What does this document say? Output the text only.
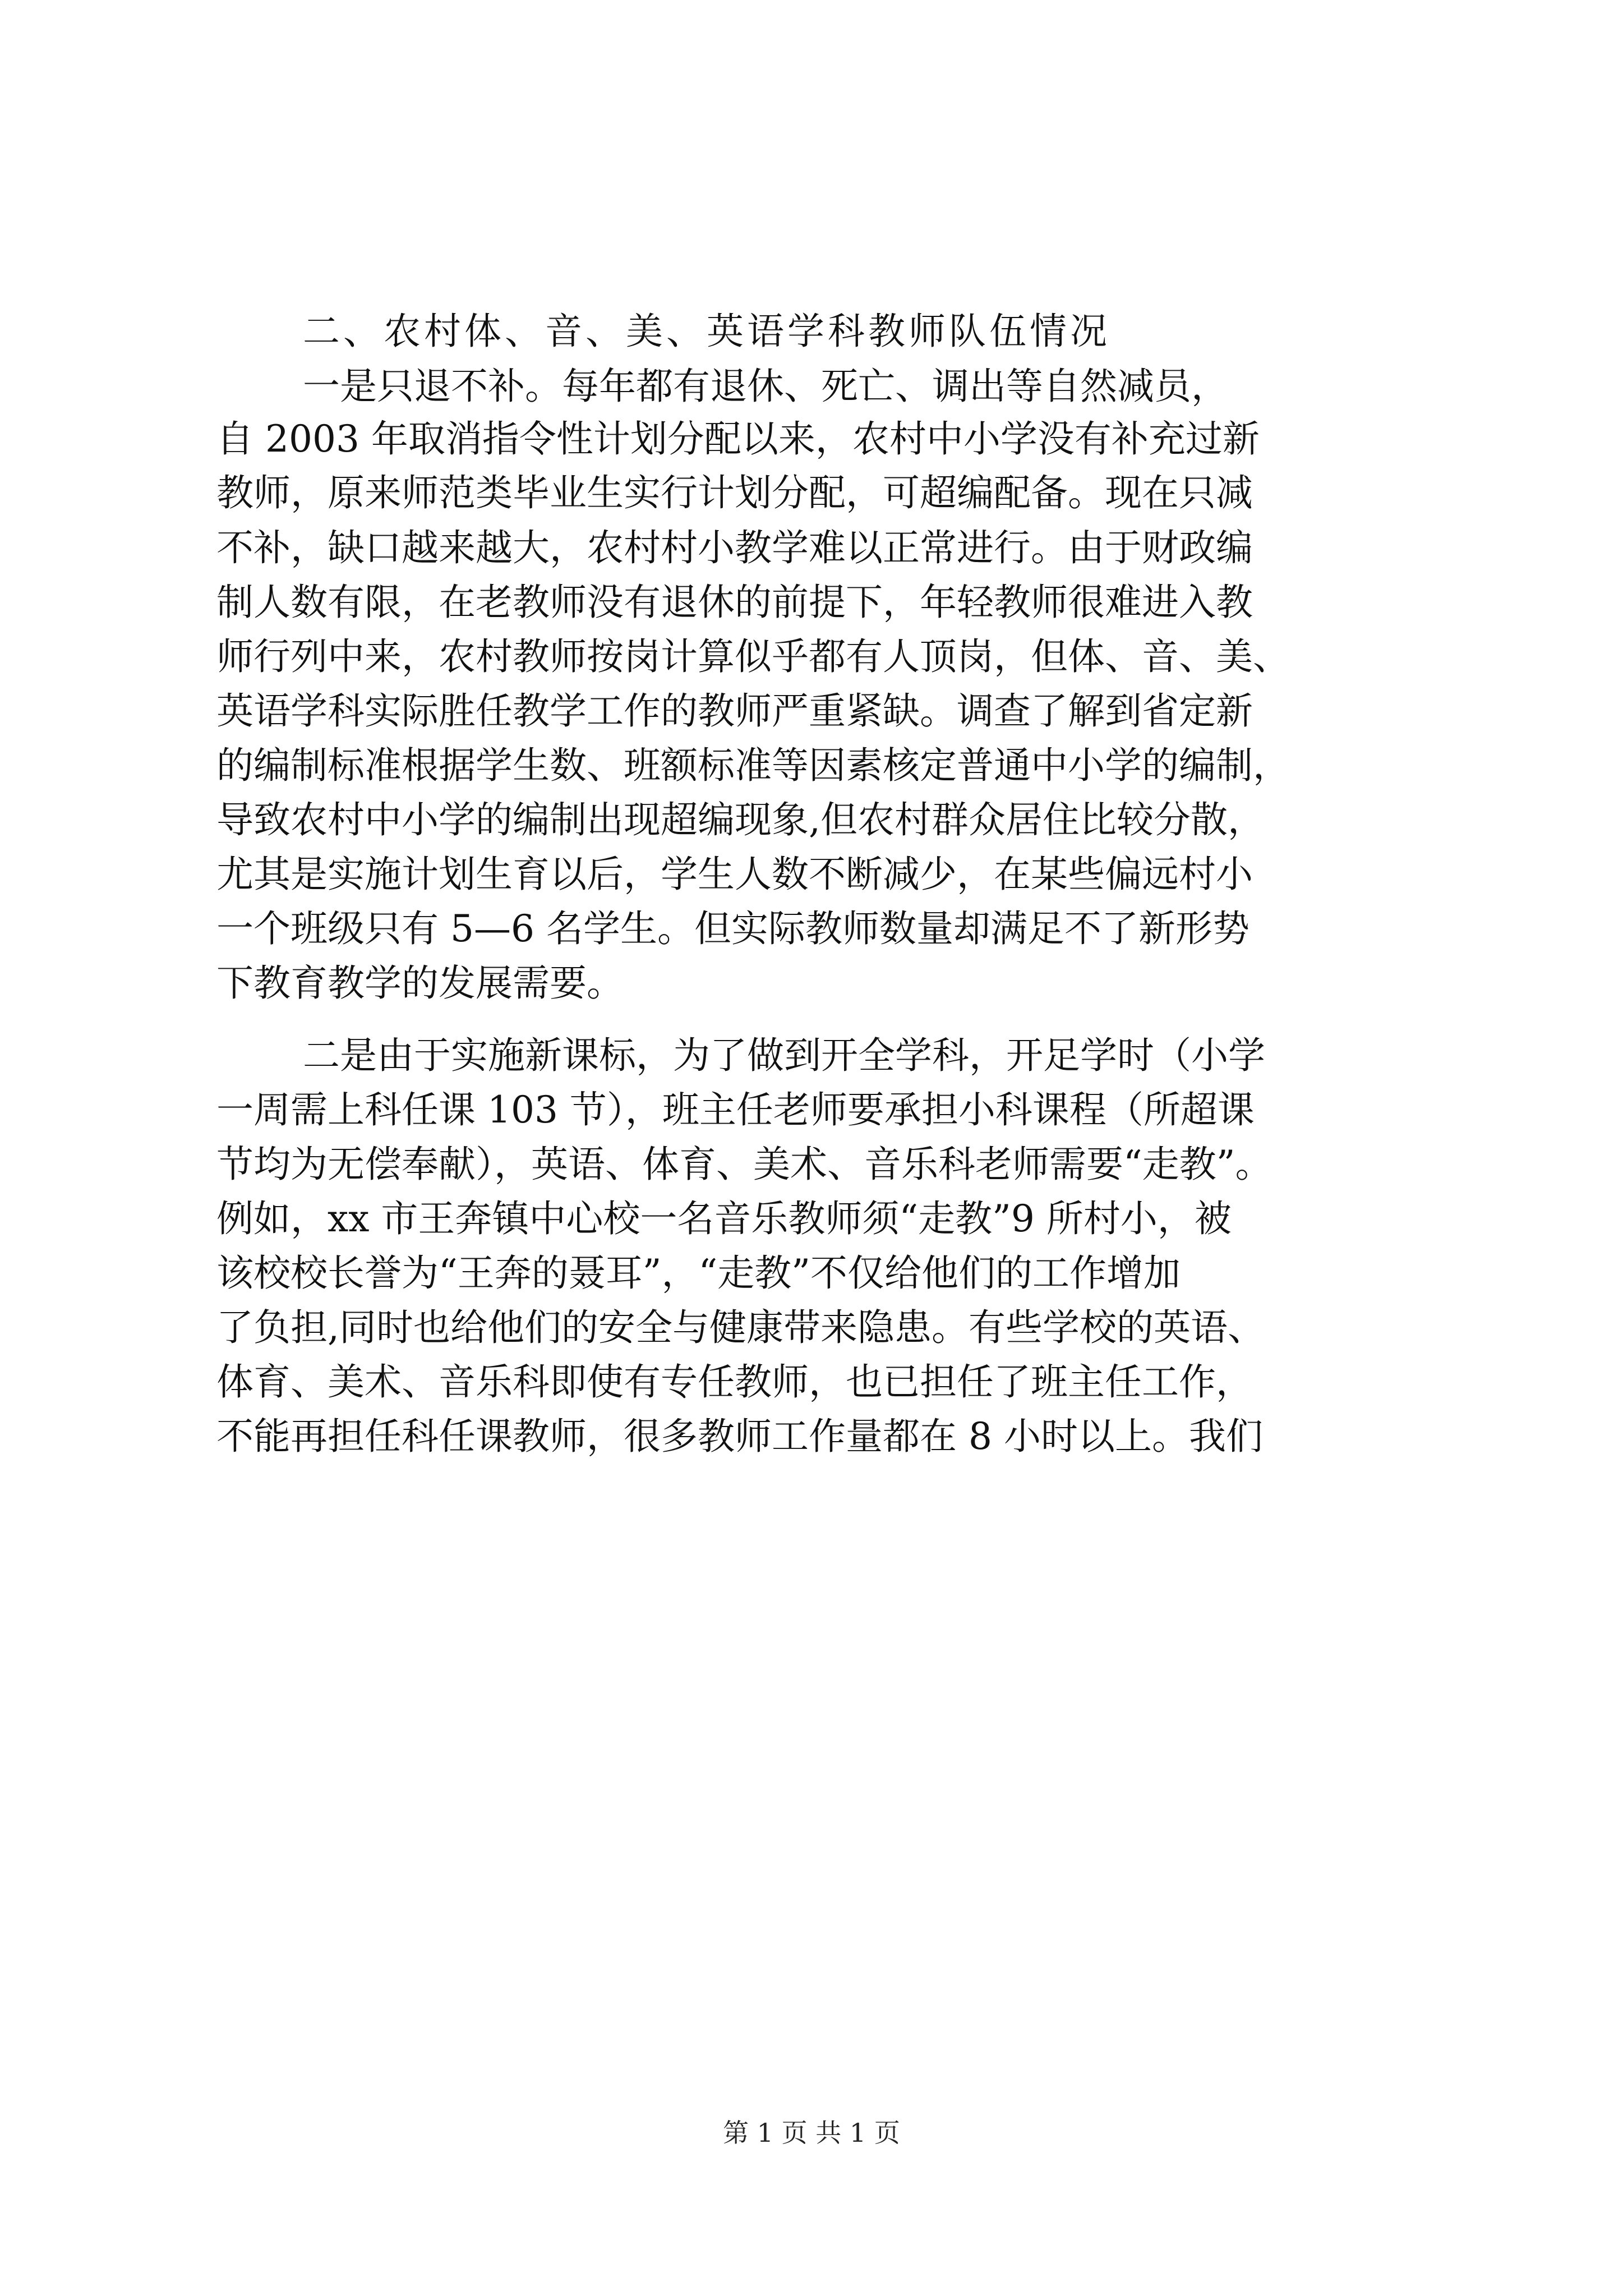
二、农村体、音、美、英语学科教师队伍情况

一是只退不补。每年都有退休、死亡、调出等自然减员，

自 2003 年取消指令性计划分配以来，农村中小学没有补充过新

教师，原来师范类毕业生实行计划分配，可超编配备。现在只减

不补，缺口越来越大，农村村小教学难以正常进行。由于财政编

制人数有限，在老教师没有退休的前提下，年轻教师很难进入教

师行列中来，农村教师按岗计算似乎都有人顶岗，但体、音、美、

英语学科实际胜任教学工作的教师严重紧缺。调查了解到省定新

的编制标准根据学生数、班额标准等因素核定普通中小学的编制，

导致农村中小学的编制出现超编现象,但农村群众居住比较分散，

尤其是实施计划生育以后，学生人数不断减少，在某些偏远村小

一个班级只有 5—6 名学生。但实际教师数量却满足不了新形势

下教育教学的发展需要。

二是由于实施新课标，为了做到开全学科，开足学时（小学

一周需上科任课 103 节），班主任老师要承担小科课程（所超课

节均为无偿奉献），英语、体育、美术、音乐科老师需要“走教”。

例如，xx 市王奔镇中心校一名音乐教师须“走教”9 所村小，被

该校校长誉为“王奔的聂耳”，“走教”不仅给他们的工作增加

了负担,同时也给他们的安全与健康带来隐患。有些学校的英语、

体育、美术、音乐科即使有专任教师，也已担任了班主任工作，

不能再担任科任课教师，很多教师工作量都在 8 小时以上。我们

第 1 页 共 1 页
